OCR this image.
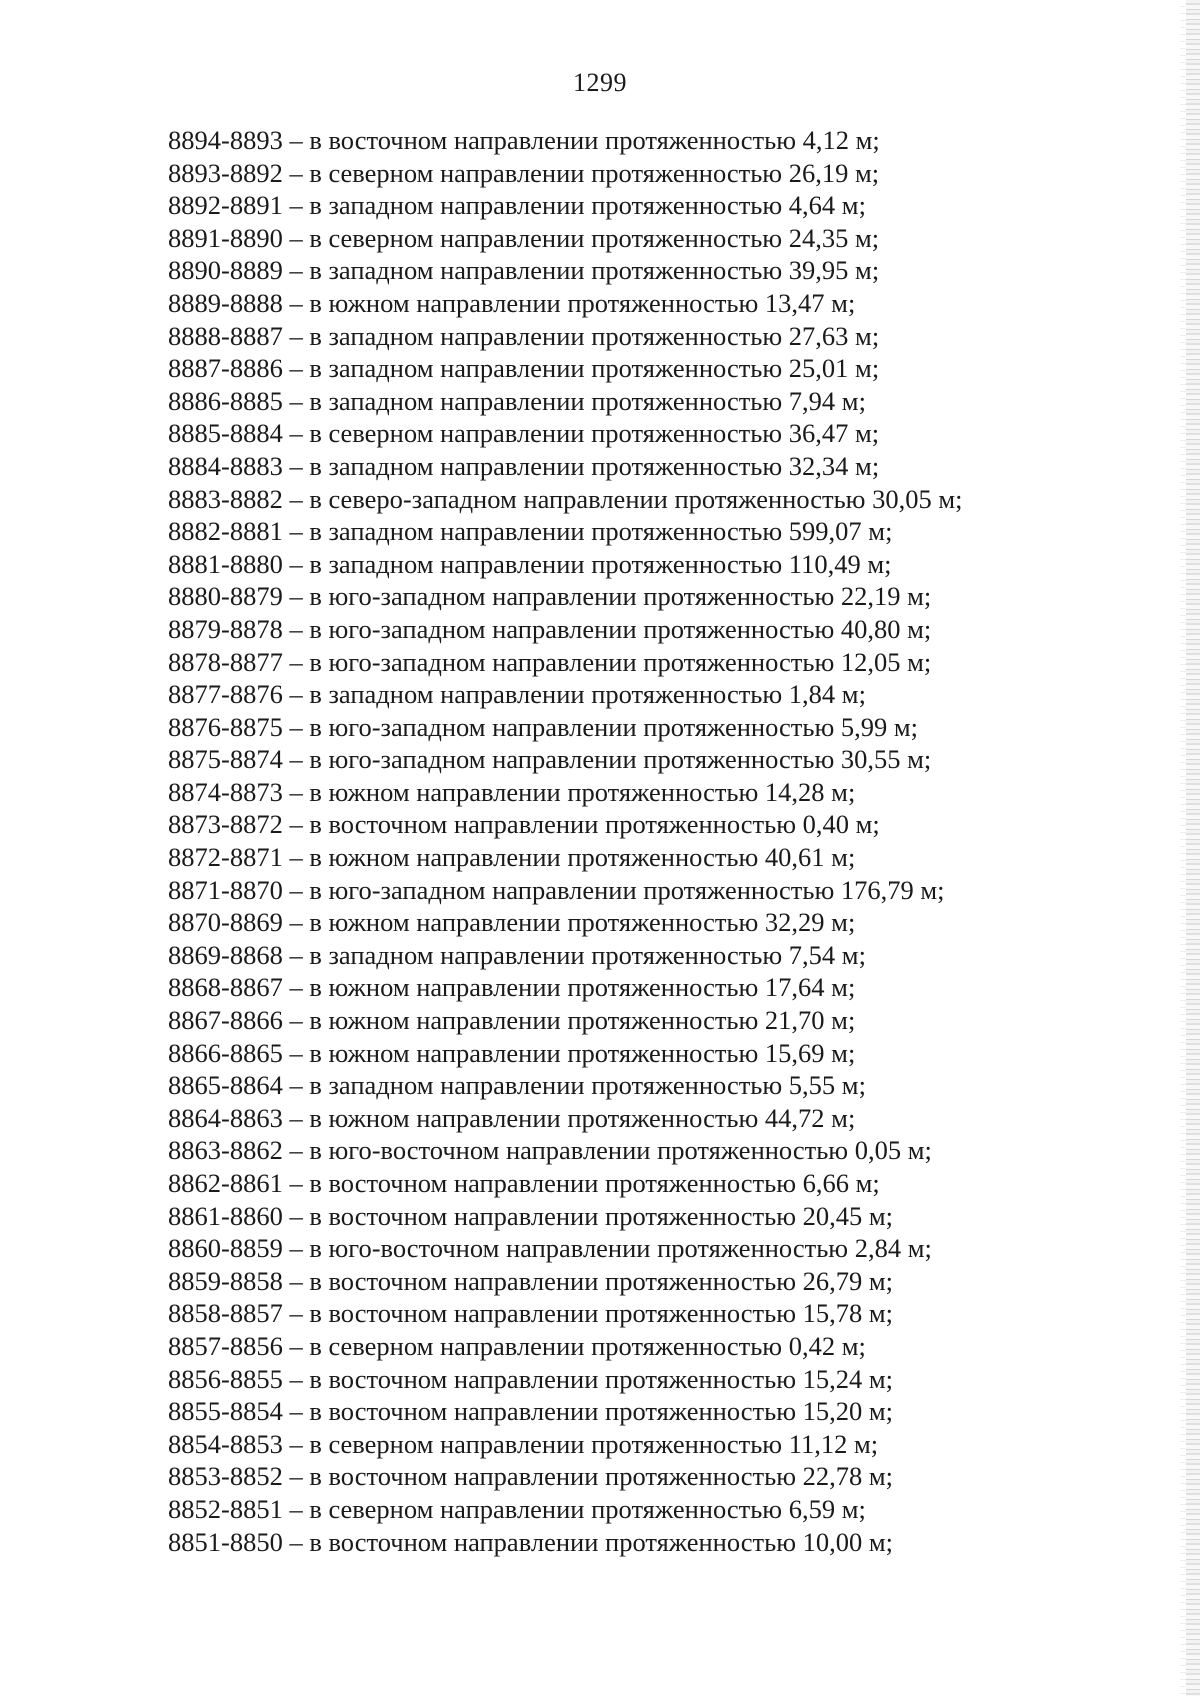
1299
8894-8893 – в восточном направлении протяженностью 4,12 м;
8893-8892 – в северном направлении протяженностью 26,19 м;
8892-8891 – в западном направлении протяженностью 4,64 м;
8891-8890 – в северном направлении протяженностью 24,35 м;
8890-8889 – в западном направлении протяженностью 39,95 м;
8889-8888 – в южном направлении протяженностью 13,47 м;
8888-8887 – в западном направлении протяженностью 27,63 м;
8887-8886 – в западном направлении протяженностью 25,01 м;
8886-8885 – в западном направлении протяженностью 7,94 м;
8885-8884 – в северном направлении протяженностью 36,47 м;
8884-8883 – в западном направлении протяженностью 32,34 м;
8883-8882 – в северо-западном направлении протяженностью 30,05 м;
8882-8881 – в западном направлении протяженностью 599,07 м;
8881-8880 – в западном направлении протяженностью 110,49 м;
8880-8879 – в юго-западном направлении протяженностью 22,19 м;
8879-8878 – в юго-западном направлении протяженностью 40,80 м;
8878-8877 – в юго-западном направлении протяженностью 12,05 м;
8877-8876 – в западном направлении протяженностью 1,84 м;
8876-8875 – в юго-западном направлении протяженностью 5,99 м;
8875-8874 – в юго-западном направлении протяженностью 30,55 м;
8874-8873 – в южном направлении протяженностью 14,28 м;
8873-8872 – в восточном направлении протяженностью 0,40 м;
8872-8871 – в южном направлении протяженностью 40,61 м;
8871-8870 – в юго-западном направлении протяженностью 176,79 м;
8870-8869 – в южном направлении протяженностью 32,29 м;
8869-8868 – в западном направлении протяженностью 7,54 м;
8868-8867 – в южном направлении протяженностью 17,64 м;
8867-8866 – в южном направлении протяженностью 21,70 м;
8866-8865 – в южном направлении протяженностью 15,69 м;
8865-8864 – в западном направлении протяженностью 5,55 м;
8864-8863 – в южном направлении протяженностью 44,72 м;
8863-8862 – в юго-восточном направлении протяженностью 0,05 м;
8862-8861 – в восточном направлении протяженностью 6,66 м;
8861-8860 – в восточном направлении протяженностью 20,45 м;
8860-8859 – в юго-восточном направлении протяженностью 2,84 м;
8859-8858 – в восточном направлении протяженностью 26,79 м;
8858-8857 – в восточном направлении протяженностью 15,78 м;
8857-8856 – в северном направлении протяженностью 0,42 м;
8856-8855 – в восточном направлении протяженностью 15,24 м;
8855-8854 – в восточном направлении протяженностью 15,20 м;
8854-8853 – в северном направлении протяженностью 11,12 м;
8853-8852 – в восточном направлении протяженностью 22,78 м;
8852-8851 – в северном направлении протяженностью 6,59 м;
8851-8850 – в восточном направлении протяженностью 10,00 м;
